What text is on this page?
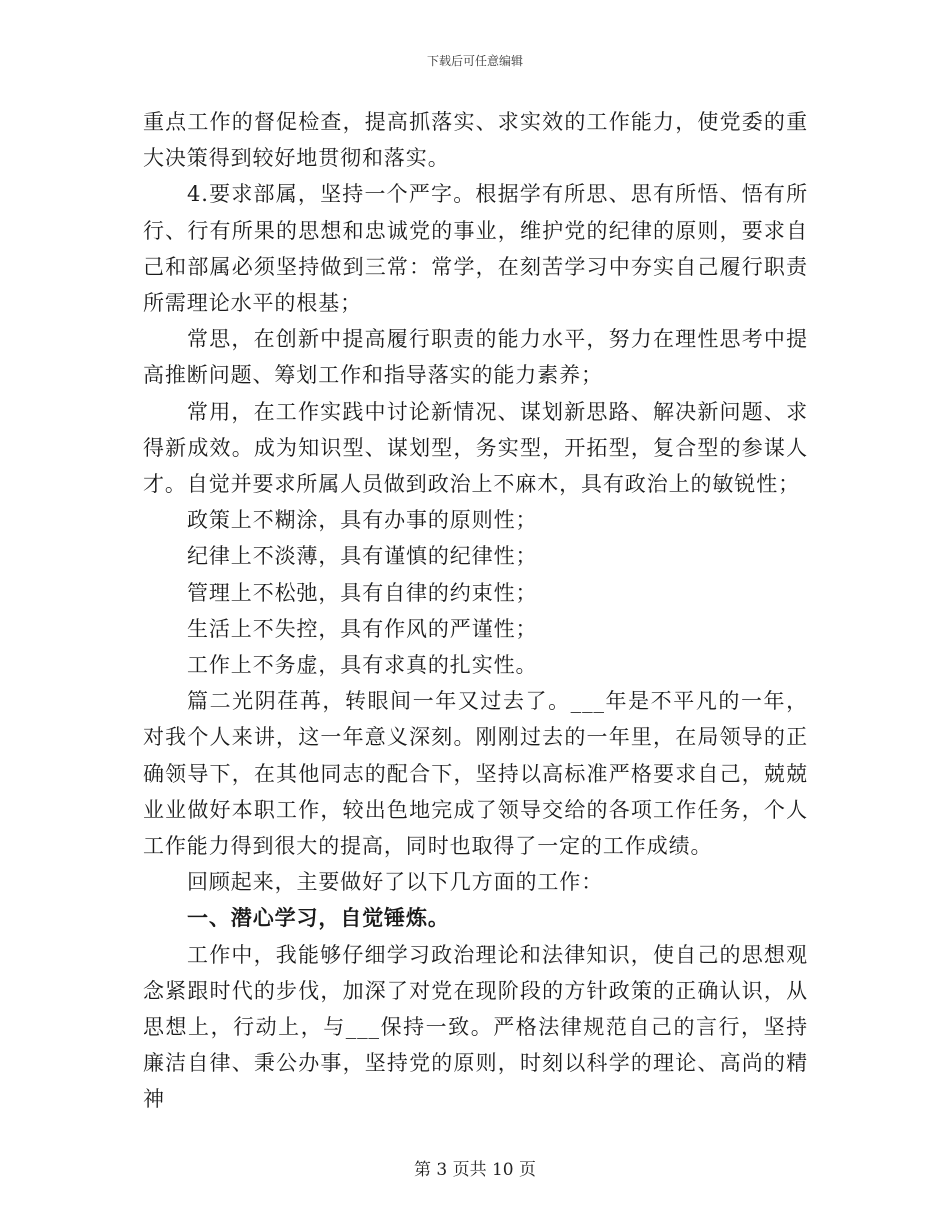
下载后可任意编辑

重点工作的督促检查，提高抓落实、求实效的工作能力，使党委的重大决策得到较好地贯彻和落实。

4.要求部属，坚持一个严字。根据学有所思、思有所悟、悟有所行、行有所果的思想和忠诚党的事业，维护党的纪律的原则，要求自己和部属必须坚持做到三常：常学，在刻苦学习中夯实自己履行职责所需理论水平的根基；

常思，在创新中提高履行职责的能力水平，努力在理性思考中提高推断问题、筹划工作和指导落实的能力素养；

常用，在工作实践中讨论新情况、谋划新思路、解决新问题、求得新成效。成为知识型、谋划型，务实型，开拓型，复合型的参谋人才。自觉并要求所属人员做到政治上不麻木，具有政治上的敏锐性；

政策上不糊涂，具有办事的原则性；

纪律上不淡薄，具有谨慎的纪律性；

管理上不松弛，具有自律的约束性；

生活上不失控，具有作风的严谨性；

工作上不务虚，具有求真的扎实性。

篇二光阴荏苒，转眼间一年又过去了。___年是不平凡的一年，对我个人来讲，这一年意义深刻。刚刚过去的一年里，在局领导的正确领导下，在其他同志的配合下，坚持以高标准严格要求自己，兢兢业业做好本职工作，较出色地完成了领导交给的各项工作任务，个人工作能力得到很大的提高，同时也取得了一定的工作成绩。

回顾起来，主要做好了以下几方面的工作：

一、潜心学习，自觉锤炼。

工作中，我能够仔细学习政治理论和法律知识，使自己的思想观念紧跟时代的步伐，加深了对党在现阶段的方针政策的正确认识，从思想上，行动上，与___保持一致。严格法律规范自己的言行，坚持廉洁自律、秉公办事，坚持党的原则，时刻以科学的理论、高尚的精神

第 3 页共 10 页
